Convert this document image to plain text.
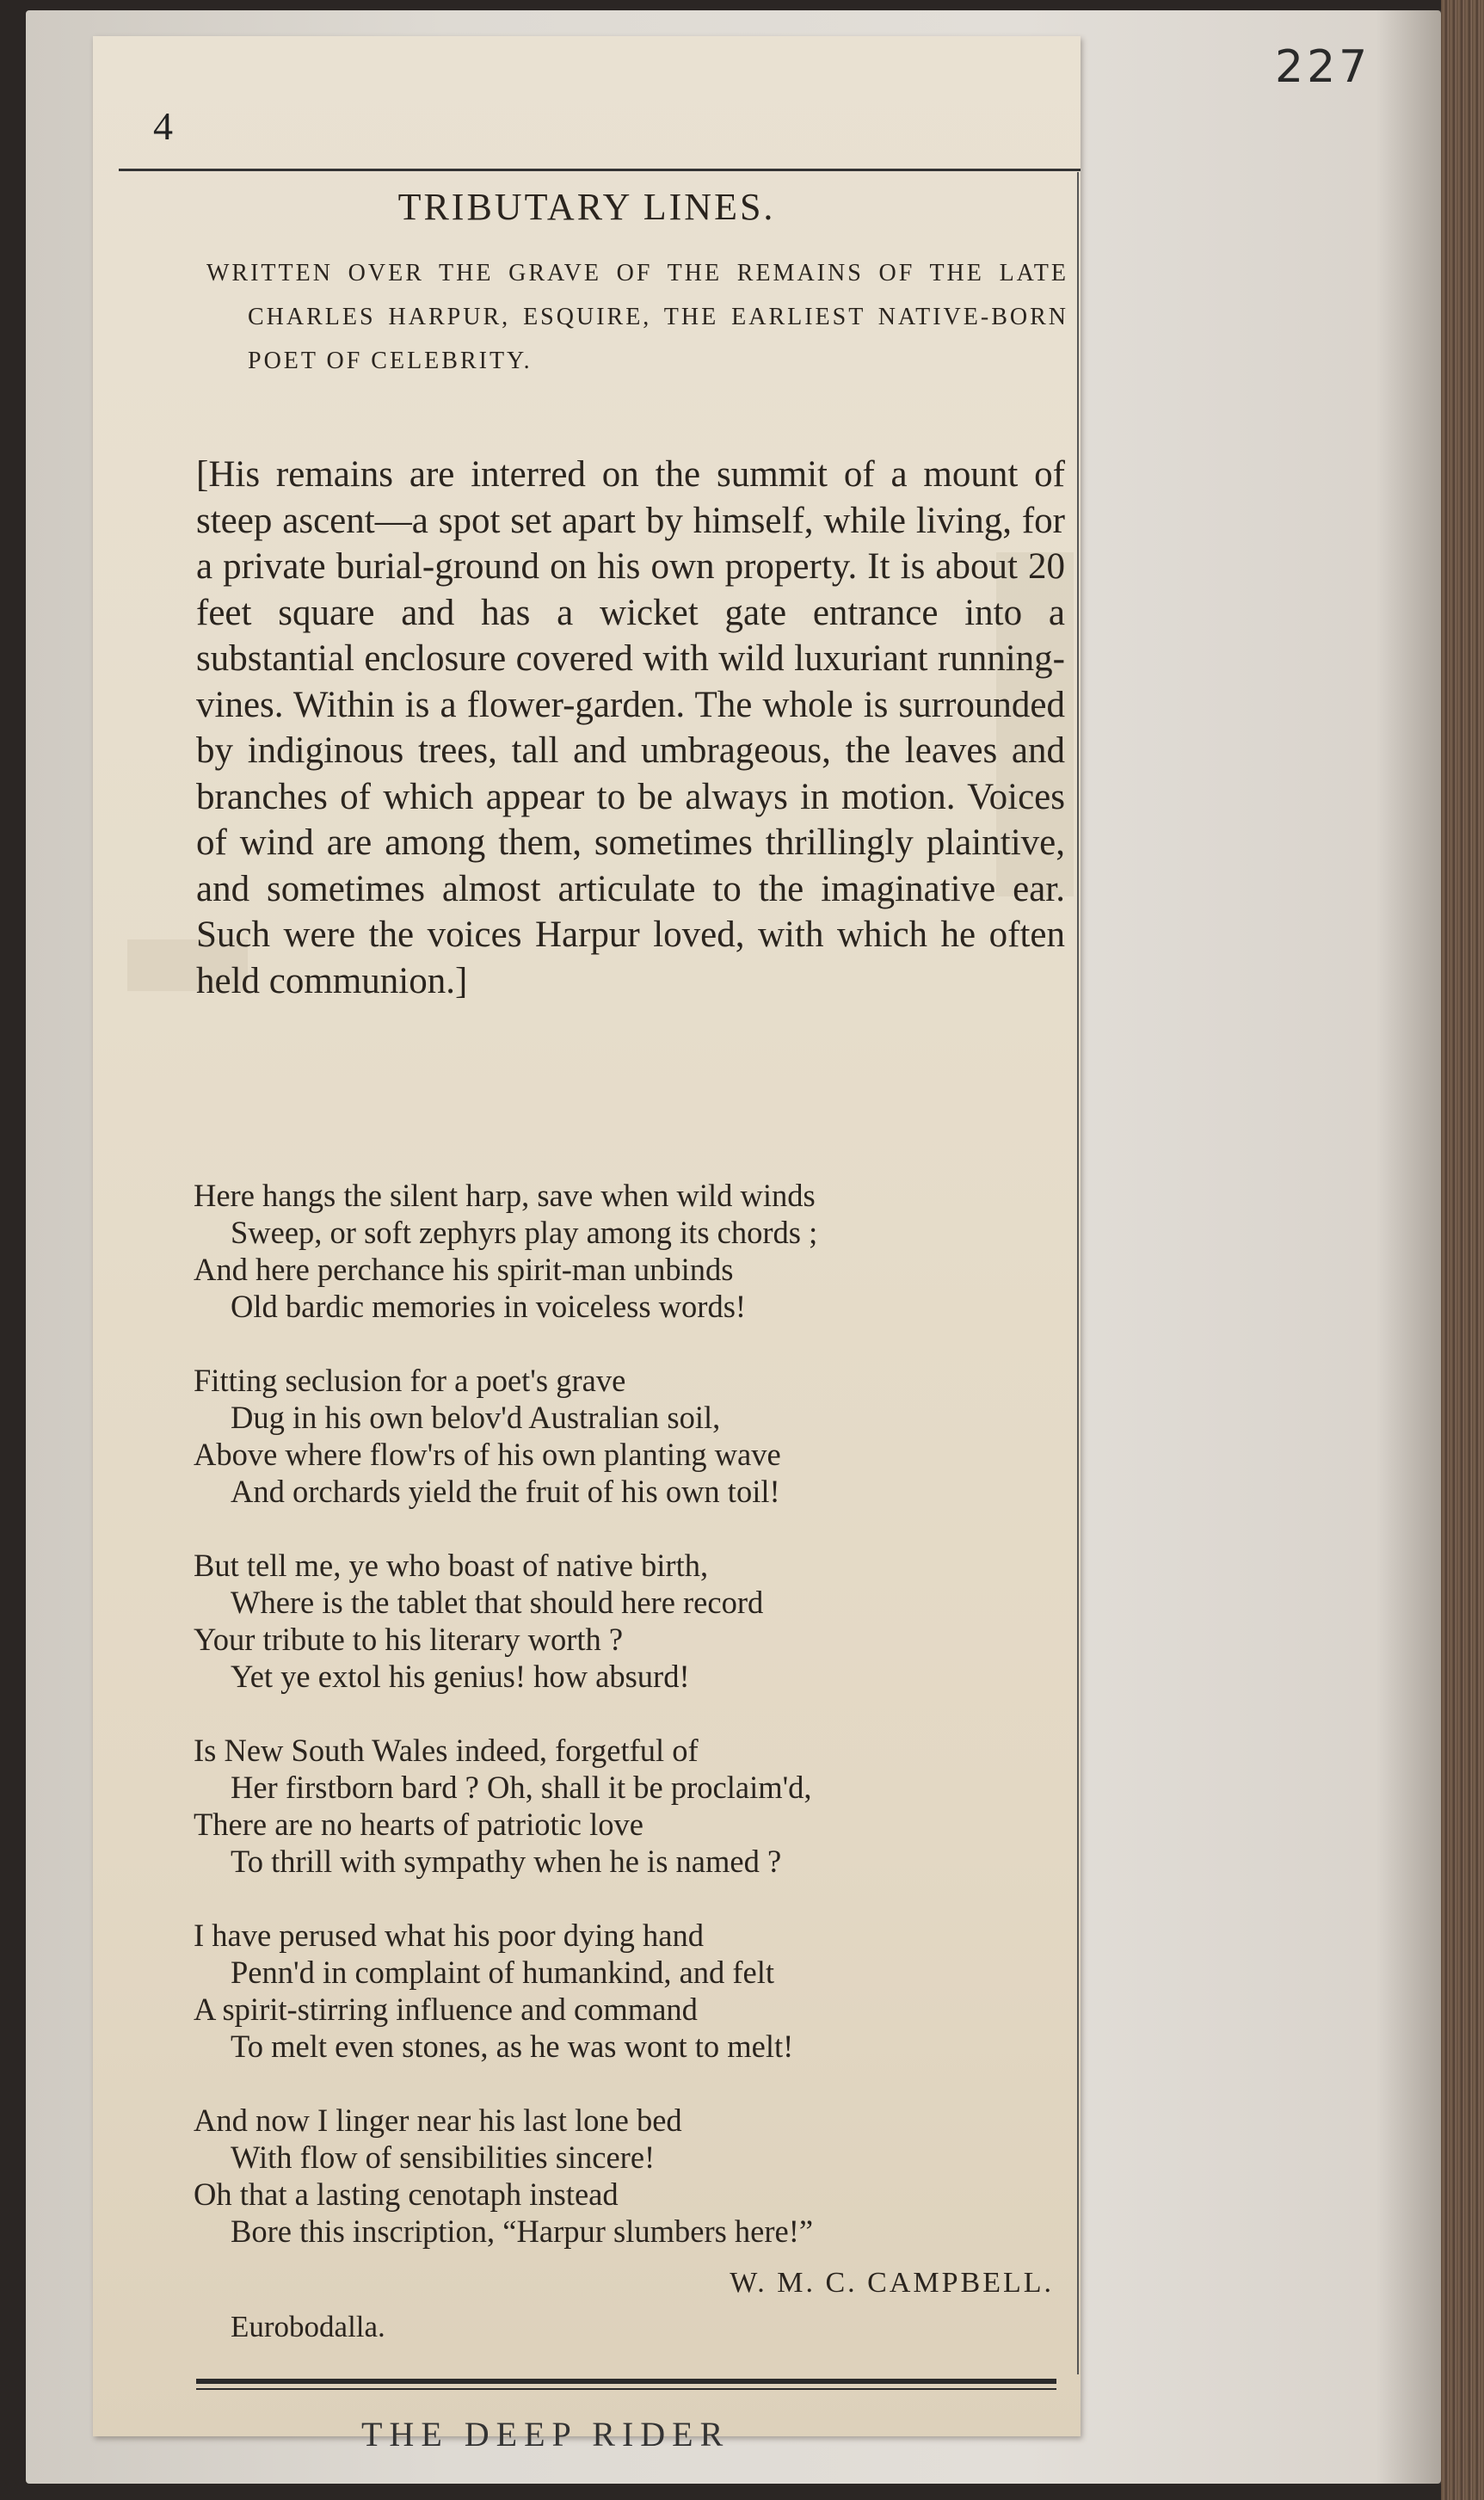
227
4
TRIBUTARY LINES.
WRITTEN OVER THE GRAVE OF THE REMAINS OF THE LATE CHARLES HARPUR, ESQUIRE, THE EARLIEST NATIVE-BORN POET OF CELEBRITY.
[His remains are interred on the summit of a mount of steep ascent—a spot set apart by himself, while living, for a private burial-ground on his own property. It is about 20 feet square and has a wicket gate entrance into a substantial enclosure covered with wild luxuriant running-vines. Within is a flower-garden. The whole is surrounded by indiginous trees, tall and umbrageous, the leaves and branches of which appear to be always in motion. Voices of wind are among them, sometimes thrillingly plaintive, and sometimes almost articulate to the imaginative ear. Such were the voices Harpur loved, with which he often held communion.]
Here hangs the silent harp, save when wild winds
Sweep, or soft zephyrs play among its chords ;
And here perchance his spirit-man unbinds
Old bardic memories in voiceless words!
Fitting seclusion for a poet's grave
Dug in his own belov'd Australian soil,
Above where flow'rs of his own planting wave
And orchards yield the fruit of his own toil!
But tell me, ye who boast of native birth,
Where is the tablet that should here record
Your tribute to his literary worth ?
Yet ye extol his genius! how absurd!
Is New South Wales indeed, forgetful of
Her firstborn bard ? Oh, shall it be proclaim'd,
There are no hearts of patriotic love
To thrill with sympathy when he is named ?
I have perused what his poor dying hand
Penn'd in complaint of humankind, and felt
A spirit-stirring influence and command
To melt even stones, as he was wont to melt!
And now I linger near his last lone bed
With flow of sensibilities sincere!
Oh that a lasting cenotaph instead
Bore this inscription, “Harpur slumbers here!”
W. M. C. CAMPBELL.
Eurobodalla.
THE DEEP RIDER
